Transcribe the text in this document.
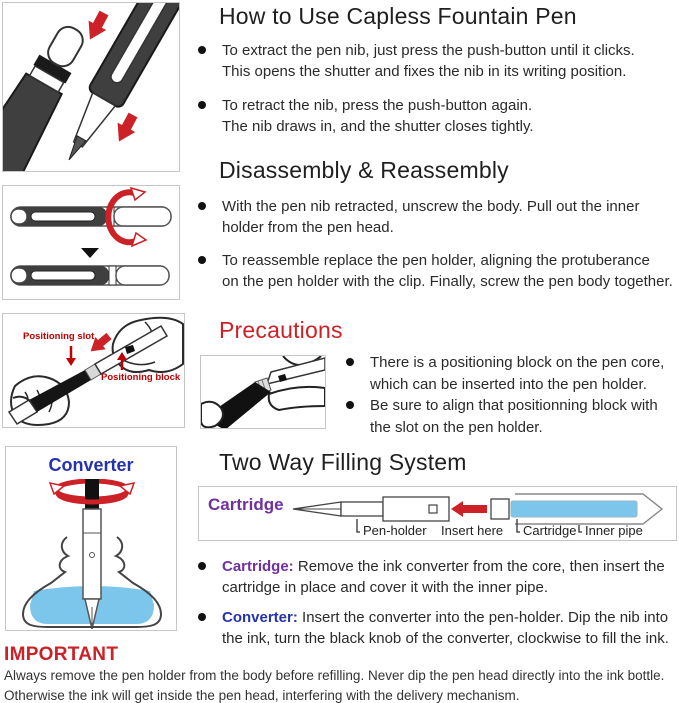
How to Use Capless Fountain Pen
To extract the pen nib, just press the push-button until it clicks.
This opens the shutter and fixes the nib in its writing position.
To retract the nib, press the push-button again.
The nib draws in, and the shutter closes tightly.
Disassembly & Reassembly
With the pen nib retracted, unscrew the body. Pull out the inner
holder from the pen head.
To reassemble replace the pen holder, aligning the protuberance
on the pen holder with the clip. Finally, screw the pen body together.
Positioning slot
Positioning block
Precautions
There is a positioning block on the pen core,
which can be inserted into the pen holder.
Be sure to align that positionning block with
the slot on the pen holder.
Converter	Two Way Filling System
Cartridge
Pen-holder Insert here Cartridge Inner pipe
Cartridge: Remove the ink converter from the core, then insert the
cartridge in place and cover it with the inner pipe.
Converter: Insert the converter into the pen-holder. Dip the nib into
the ink, turn the black knob of the converter, clockwise to fill the ink.
IMPORTANT
Always remove the pen holder from the body before refilling. Never dip the pen head directly into the ink bottle.
Otherwise the ink will get inside the pen head, interfering with the delivery mechanism.
